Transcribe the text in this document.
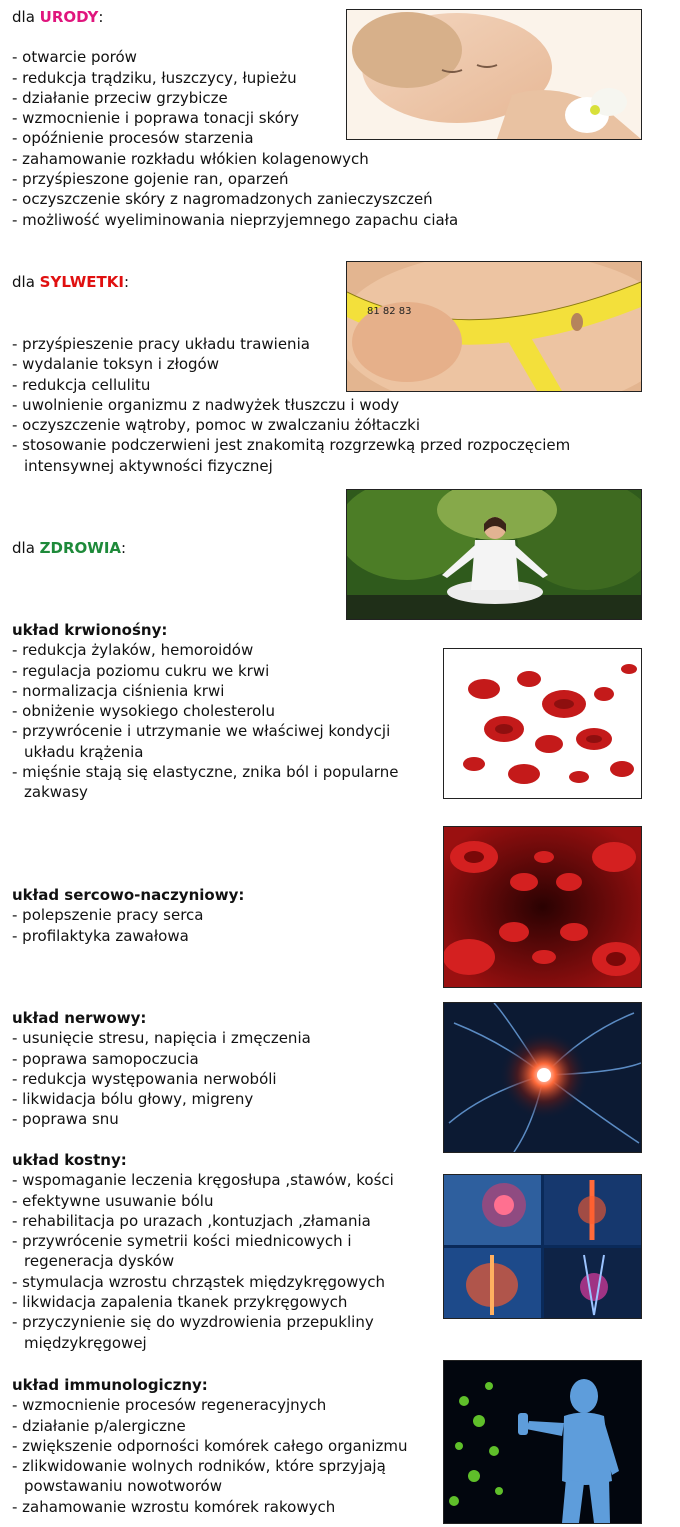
dla URODY:
- otwarcie porów
- redukcja trądziku, łuszczycy, łupieżu
- działanie przeciw grzybicze
- wzmocnienie i poprawa tonacji skóry
- opóźnienie procesów starzenia
- zahamowanie rozkładu włókien kolagenowych
- przyśpieszone gojenie ran, oparzeń
- oczyszczenie skóry z nagromadzonych zanieczyszczeń
- możliwość wyeliminowania nieprzyjemnego zapachu ciała
dla SYLWETKI:
- przyśpieszenie pracy układu trawienia
- wydalanie toksyn i złogów
- redukcja cellulitu
- uwolnienie organizmu z nadwyżek tłuszczu i wody
- oczyszczenie wątroby, pomoc w zwalczaniu żółtaczki
- stosowanie podczerwieni jest znakomitą rozgrzewką przed rozpoczęciem
intensywnej aktywności fizycznej
81 82 83
dla ZDROWIA:
układ krwionośny:
- redukcja żylaków, hemoroidów
- regulacja poziomu cukru we krwi
- normalizacja ciśnienia krwi
- obniżenie wysokiego cholesterolu
- przywrócenie i utrzymanie we właściwej kondycji
układu krążenia
- mięśnie stają się elastyczne, znika ból i popularne
zakwasy
układ sercowo-naczyniowy:
- polepszenie pracy serca
- profilaktyka zawałowa
układ nerwowy:
- usunięcie stresu, napięcia i zmęczenia
- poprawa samopoczucia
- redukcja występowania nerwobóli
- likwidacja bólu głowy, migreny
- poprawa snu
układ kostny:
- wspomaganie leczenia kręgosłupa ,stawów, kości
- efektywne usuwanie bólu
- rehabilitacja po urazach ,kontuzjach ,złamania
- przywrócenie symetrii kości miednicowych i
regeneracja dysków
- stymulacja wzrostu chrząstek międzykręgowych
- likwidacja zapalenia tkanek przykręgowych
- przyczynienie się do wyzdrowienia przepukliny
międzykręgowej
układ immunologiczny:
- wzmocnienie procesów regeneracyjnych
- działanie p/alergiczne
- zwiększenie odporności komórek całego organizmu
- zlikwidowanie wolnych rodników, które sprzyjają
powstawaniu nowotworów
- zahamowanie wzrostu komórek rakowych
